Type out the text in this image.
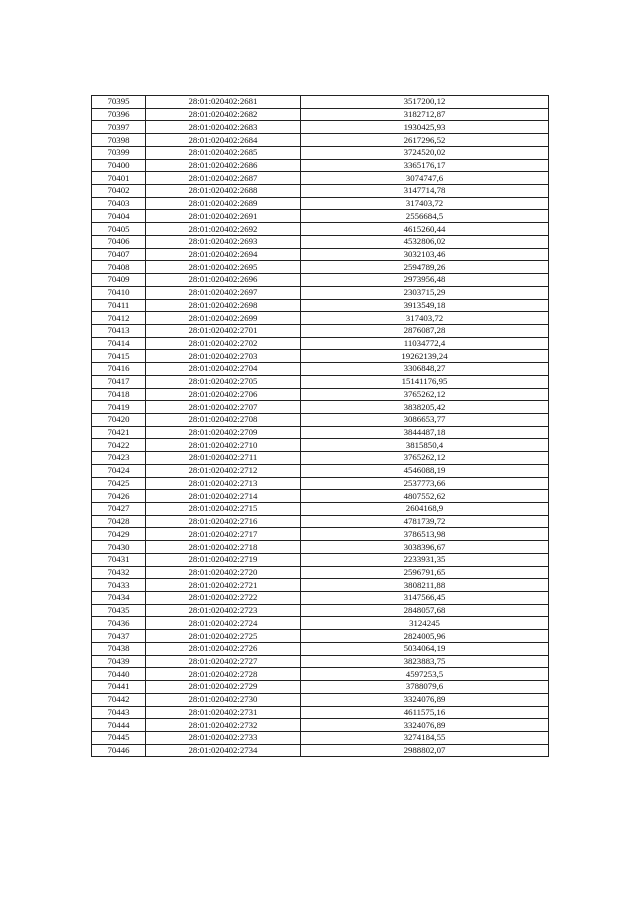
70395	28:01:020402:2681	3517200,12
70396	28:01:020402:2682	3182712,87
70397	28:01:020402:2683	1930425,93
70398	28:01:020402:2684	2617296,52
70399	28:01:020402:2685	3724520,02
70400	28:01:020402:2686	3365176,17
70401	28:01:020402:2687	3074747,6
70402	28:01:020402:2688	3147714,78
70403	28:01:020402:2689	317403,72
70404	28:01:020402:2691	2556684,5
70405	28:01:020402:2692	4615260,44
70406	28:01:020402:2693	4532806,02
70407	28:01:020402:2694	3032103,46
70408	28:01:020402:2695	2594789,26
70409	28:01:020402:2696	2973956,48
70410	28:01:020402:2697	2303715,29
70411	28:01:020402:2698	3913549,18
70412	28:01:020402:2699	317403,72
70413	28:01:020402:2701	2876087,28
70414	28:01:020402:2702	11034772,4
70415	28:01:020402:2703	19262139,24
70416	28:01:020402:2704	3306848,27
70417	28:01:020402:2705	15141176,95
70418	28:01:020402:2706	3765262,12
70419	28:01:020402:2707	3838205,42
70420	28:01:020402:2708	3086653,77
70421	28:01:020402:2709	3844487,18
70422	28:01:020402:2710	3815850,4
70423	28:01:020402:2711	3765262,12
70424	28:01:020402:2712	4546088,19
70425	28:01:020402:2713	2537773,66
70426	28:01:020402:2714	4807552,62
70427	28:01:020402:2715	2604168,9
70428	28:01:020402:2716	4781739,72
70429	28:01:020402:2717	3786513,98
70430	28:01:020402:2718	3038396,67
70431	28:01:020402:2719	2233931,35
70432	28:01:020402:2720	2596791,65
70433	28:01:020402:2721	3808211,88
70434	28:01:020402:2722	3147566,45
70435	28:01:020402:2723	2848057,68
70436	28:01:020402:2724	3124245
70437	28:01:020402:2725	2824005,96
70438	28:01:020402:2726	5034064,19
70439	28:01:020402:2727	3823883,75
70440	28:01:020402:2728	4597253,5
70441	28:01:020402:2729	3788079,6
70442	28:01:020402:2730	3324076,89
70443	28:01:020402:2731	4611575,16
70444	28:01:020402:2732	3324076,89
70445	28:01:020402:2733	3274184,55
70446	28:01:020402:2734	2988802,07
